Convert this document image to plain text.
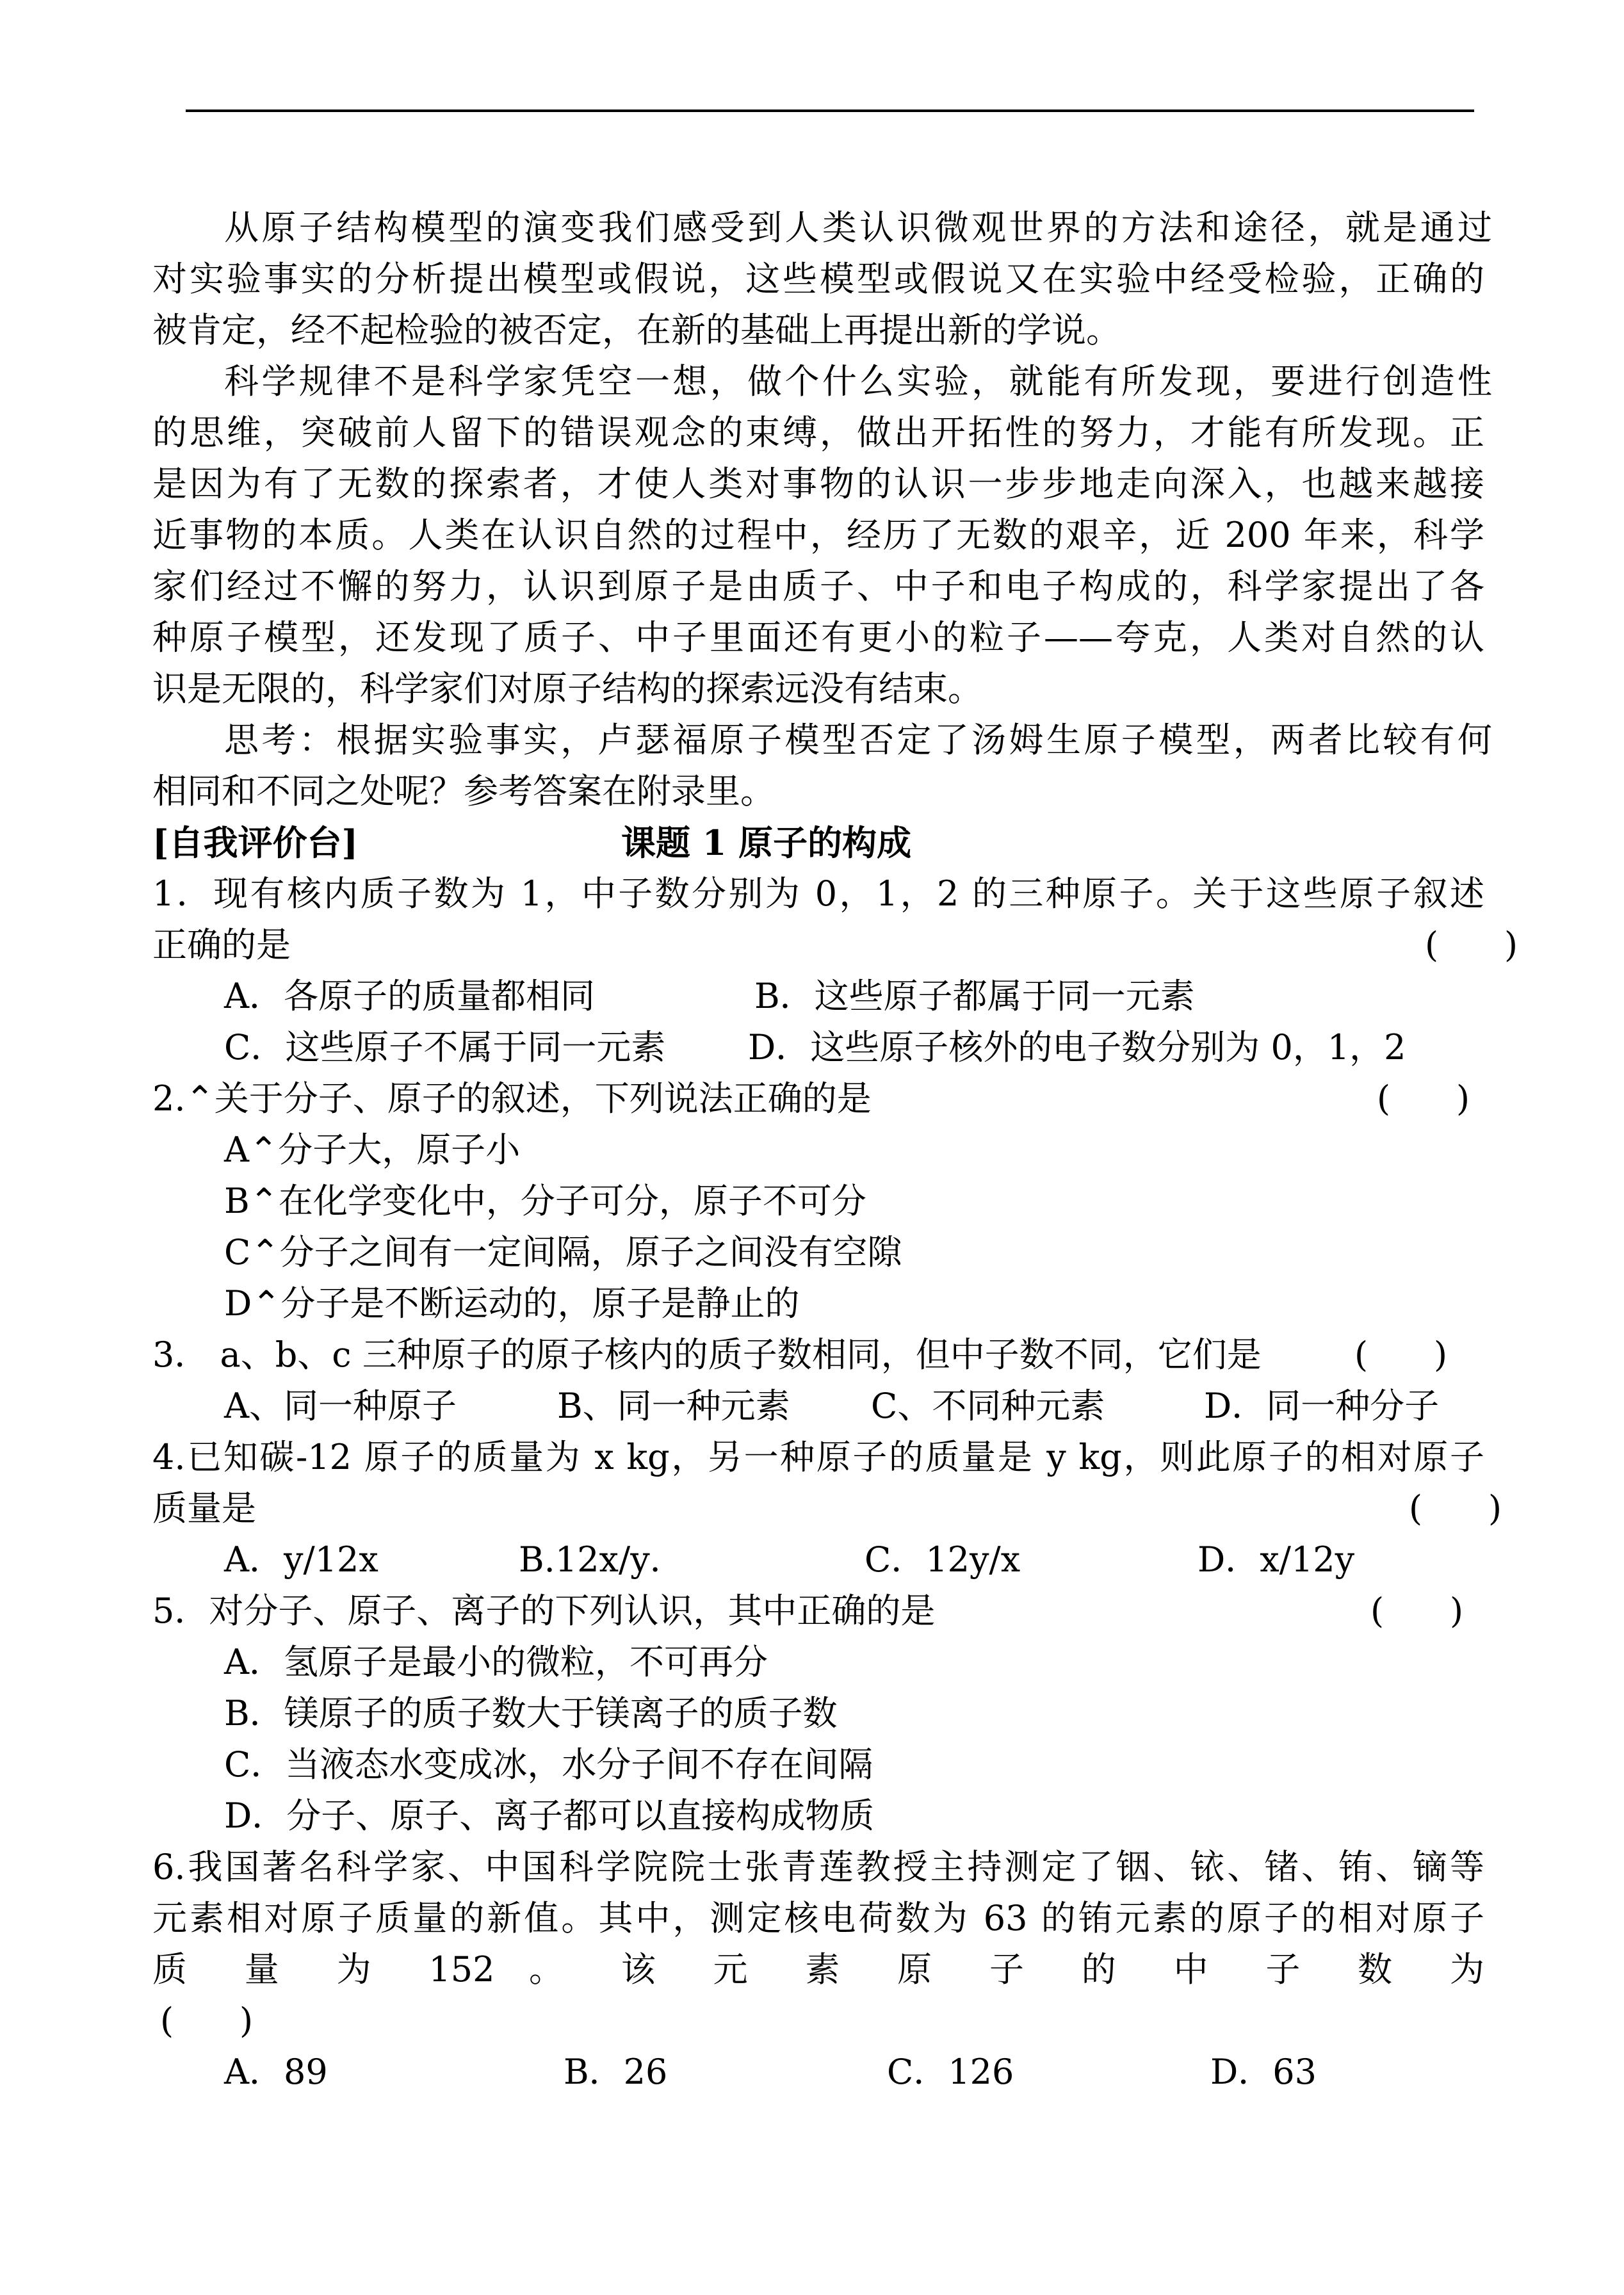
从原子结构模型的演变我们感受到人类认识微观世界的方法和途径，就是通过
对实验事实的分析提出模型或假说，这些模型或假说又在实验中经受检验，正确的
被肯定，经不起检验的被否定，在新的基础上再提出新的学说。
科学规律不是科学家凭空一想，做个什么实验，就能有所发现，要进行创造性
的思维，突破前人留下的错误观念的束缚，做出开拓性的努力，才能有所发现。正
是因为有了无数的探索者，才使人类对事物的认识一步步地走向深入，也越来越接
近事物的本质。人类在认识自然的过程中，经历了无数的艰辛，近 200 年来，科学
家们经过不懈的努力，认识到原子是由质子、中子和电子构成的，科学家提出了各
种原子模型，还发现了质子、中子里面还有更小的粒子——夸克，人类对自然的认
识是无限的，科学家们对原子结构的探索远没有结束。
思考：根据实验事实，卢瑟福原子模型否定了汤姆生原子模型，两者比较有何
相同和不同之处呢？参考答案在附录里。
[自我评价台]	课题 1 原子的构成
1．现有核内质子数为 1，中子数分别为 0，1，2 的三种原子。关于这些原子叙述
正确的是	(      )
A．各原子的质量都相同	B．这些原子都属于同一元素
C．这些原子不属于同一元素 D．这些原子核外的电子数分别为 0，1，2
2.⌃关于分子、原子的叙述，下列说法正确的是	(      )
A⌃分子大，原子小
B⌃在化学变化中，分子可分，原子不可分
C⌃分子之间有一定间隔，原子之间没有空隙
D⌃分子是不断运动的，原子是静止的
3． a、b、c 三种原子的原子核内的质子数相同，但中子数不同，它们是	(      )
A、同一种原子	B、同一种元素 C、不同种元素	D．同一种分子
4.已知碳-12 原子的质量为 x kg，另一种原子的质量是 y kg，则此原子的相对原子
质量是	(      )
A．y/12x	B.12x/y．	C．12y/x	D．x/12y
5．对分子、原子、离子的下列认识，其中正确的是	(      )
A．氢原子是最小的微粒，不可再分
B．镁原子的质子数大于镁离子的质子数
C．当液态水变成冰，水分子间不存在间隔
D．分子、原子、离子都可以直接构成物质
6.我国著名科学家、中国科学院院士张青莲教授主持测定了铟、铱、锗、铕、镝等
元素相对原子质量的新值。其中，测定核电荷数为 63 的铕元素的原子的相对原子
质 量 为 152 。 该 元 素 原 子 的 中 子 数 为
(      )
A．89	B．26	C．126	D．63
